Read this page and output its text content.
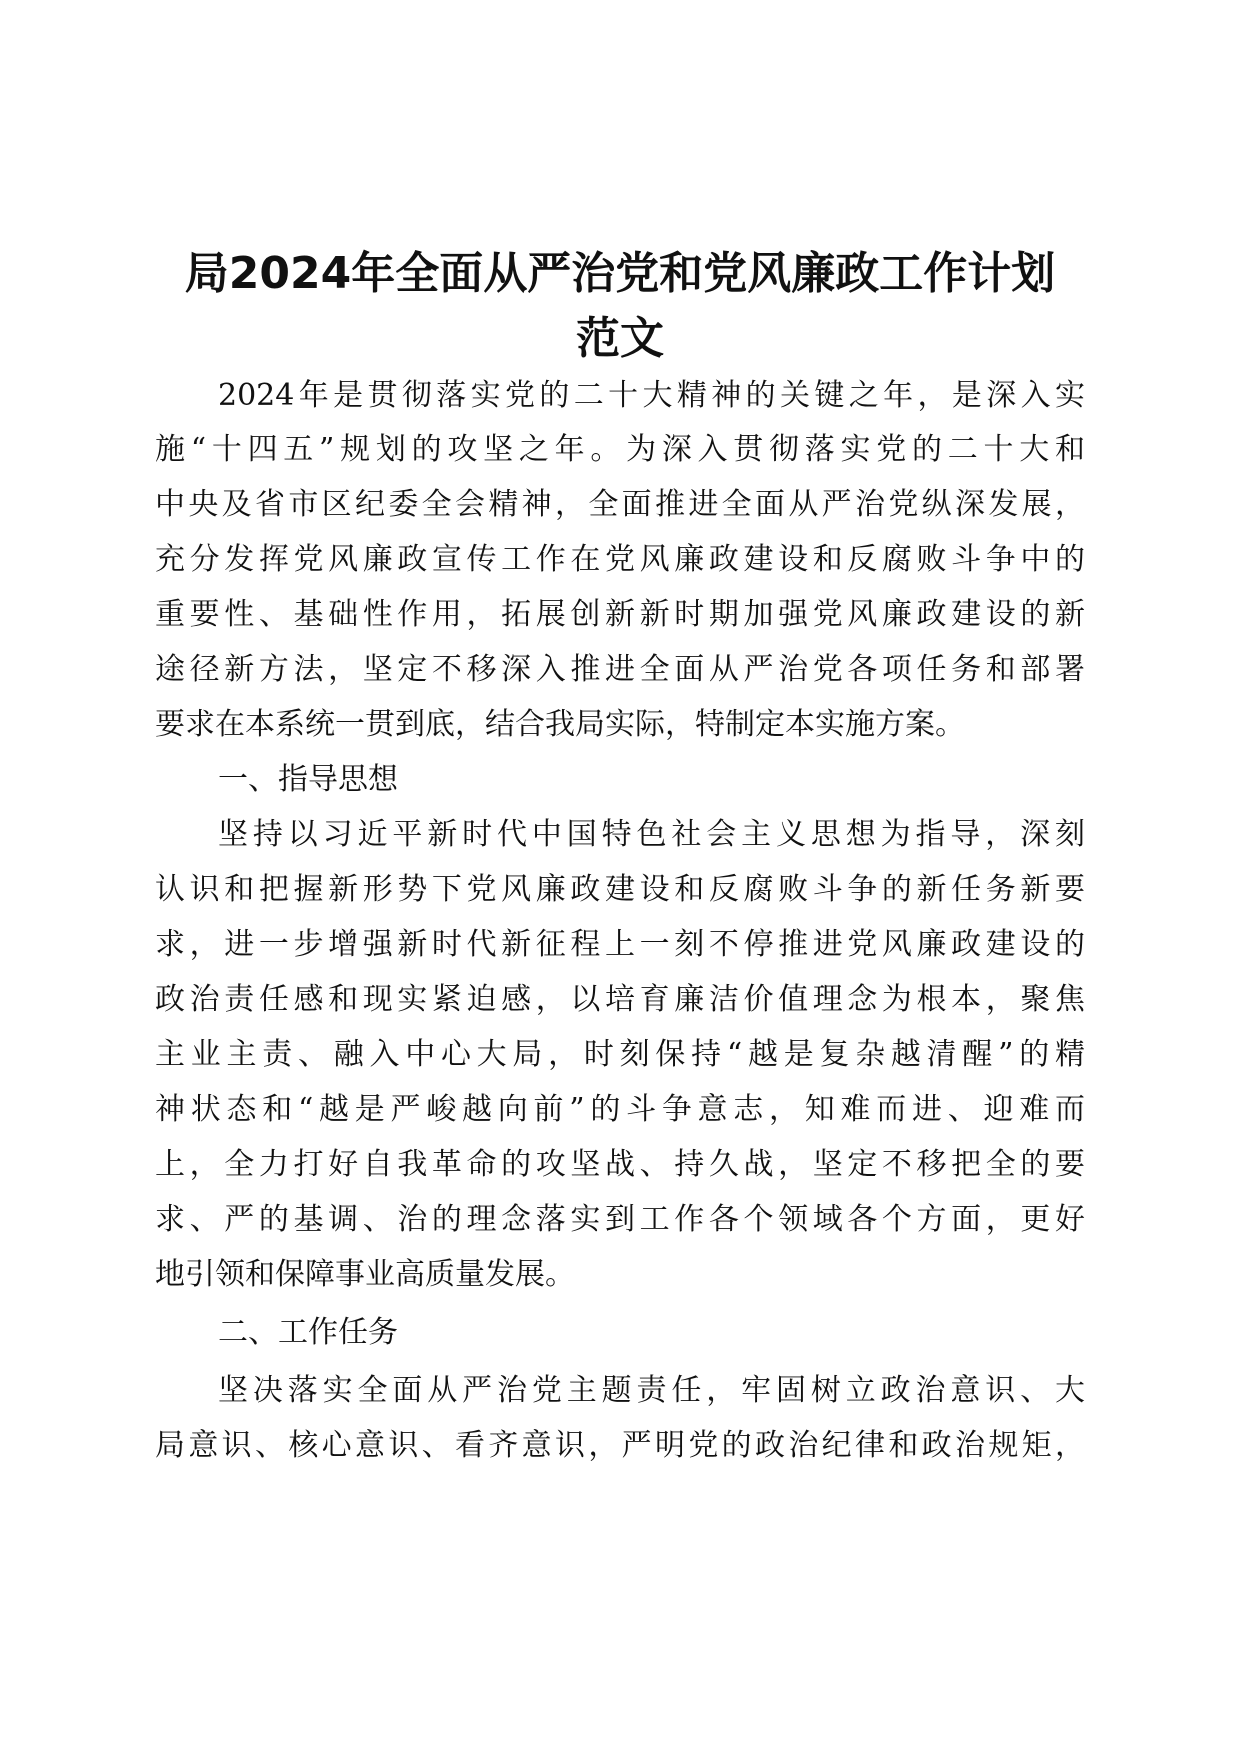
局2024年全面从严治党和党风廉政工作计划
范文
2024年是贯彻落实党的二十大精神的关键之年，是深入实
施“十四五”规划的攻坚之年。为深入贯彻落实党的二十大和
中央及省市区纪委全会精神，全面推进全面从严治党纵深发展，
充分发挥党风廉政宣传工作在党风廉政建设和反腐败斗争中的
重要性、基础性作用，拓展创新新时期加强党风廉政建设的新
途径新方法，坚定不移深入推进全面从严治党各项任务和部署
要求在本系统一贯到底，结合我局实际，特制定本实施方案。
一、指导思想
坚持以习近平新时代中国特色社会主义思想为指导，深刻
认识和把握新形势下党风廉政建设和反腐败斗争的新任务新要
求，进一步增强新时代新征程上一刻不停推进党风廉政建设的
政治责任感和现实紧迫感，以培育廉洁价值理念为根本，聚焦
主业主责、融入中心大局，时刻保持“越是复杂越清醒”的精
神状态和“越是严峻越向前”的斗争意志，知难而进、迎难而
上，全力打好自我革命的攻坚战、持久战，坚定不移把全的要
求、严的基调、治的理念落实到工作各个领域各个方面，更好
地引领和保障事业高质量发展。
二、工作任务
坚决落实全面从严治党主题责任，牢固树立政治意识、大
局意识、核心意识、看齐意识，严明党的政治纪律和政治规矩，
